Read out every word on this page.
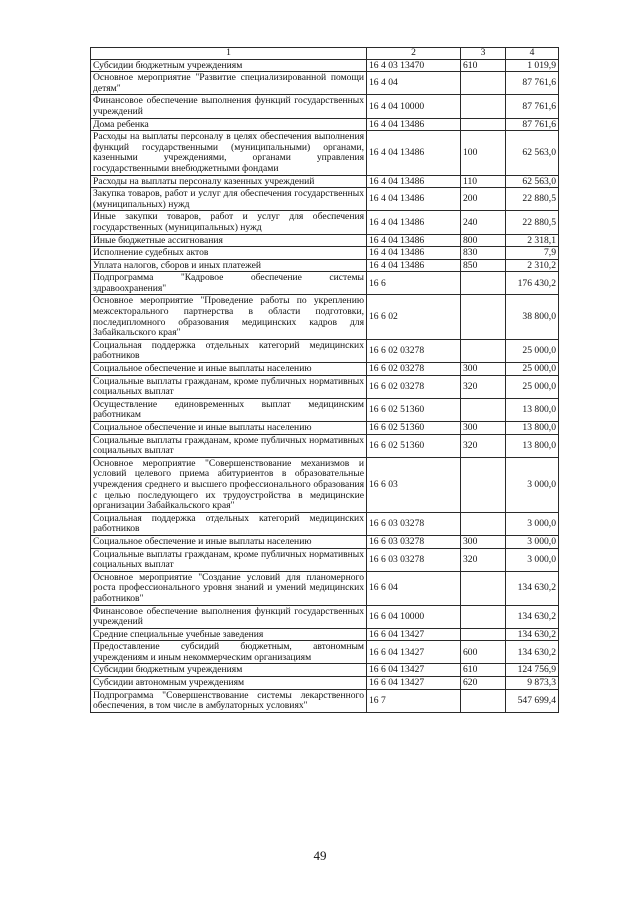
1	2	3	4
Субсидии бюджетным учреждениям	16 4 03 13470	610	1 019,9
Основное мероприятие "Развитие специализированной помощи детям"	16 4 04		87 761,6
Финансовое обеспечение выполнения функций государственных учреждений	16 4 04 10000		87 761,6
Дома ребенка	16 4 04 13486		87 761,6
Расходы на выплаты персоналу в целях обеспечения выполнения функций государственными (муниципальными) органами, казенными учреждениями, органами управления государственными внебюджетными фондами	16 4 04 13486	100	62 563,0
Расходы на выплаты персоналу казенных учреждений	16 4 04 13486	110	62 563,0
Закупка товаров, работ и услуг для обеспечения государственных (муниципальных) нужд	16 4 04 13486	200	22 880,5
Иные закупки товаров, работ и услуг для обеспечения государственных (муниципальных) нужд	16 4 04 13486	240	22 880,5
Иные бюджетные ассигнования	16 4 04 13486	800	2 318,1
Исполнение судебных актов	16 4 04 13486	830	7,9
Уплата налогов, сборов и иных платежей	16 4 04 13486	850	2 310,2
Подпрограмма "Кадровое обеспечение системы здравоохранения"	16 6		176 430,2
Основное мероприятие "Проведение работы по укреплению межсекторального партнерства в области подготовки, последипломного образования медицинских кадров для Забайкальского края"	16 6 02		38 800,0
Социальная поддержка отдельных категорий медицинских работников	16 6 02 03278		25 000,0
Социальное обеспечение и иные выплаты населению	16 6 02 03278	300	25 000,0
Социальные выплаты гражданам, кроме публичных нормативных социальных выплат	16 6 02 03278	320	25 000,0
Осуществление единовременных выплат медицинским работникам	16 6 02 51360		13 800,0
Социальное обеспечение и иные выплаты населению	16 6 02 51360	300	13 800,0
Социальные выплаты гражданам, кроме публичных нормативных социальных выплат	16 6 02 51360	320	13 800,0
Основное мероприятие "Совершенствование механизмов и условий целевого приема абитуриентов в образовательные учреждения среднего и высшего профессионального образования с целью последующего их трудоустройства в медицинские организации Забайкальского края"	16 6 03		3 000,0
Социальная поддержка отдельных категорий медицинских работников	16 6 03 03278		3 000,0
Социальное обеспечение и иные выплаты населению	16 6 03 03278	300	3 000,0
Социальные выплаты гражданам, кроме публичных нормативных социальных выплат	16 6 03 03278	320	3 000,0
Основное мероприятие "Создание условий для планомерного роста профессионального уровня знаний и умений медицинских работников"	16 6 04		134 630,2
Финансовое обеспечение выполнения функций государственных учреждений	16 6 04 10000		134 630,2
Средние специальные учебные заведения	16 6 04 13427		134 630,2
Предоставление субсидий бюджетным, автономным учреждениям и иным некоммерческим организациям	16 6 04 13427	600	134 630,2
Субсидии бюджетным учреждениям	16 6 04 13427	610	124 756,9
Субсидии автономным учреждениям	16 6 04 13427	620	9 873,3
Подпрограмма "Совершенствование системы лекарственного обеспечения, в том числе в амбулаторных условиях"	16 7		547 699,4
49
